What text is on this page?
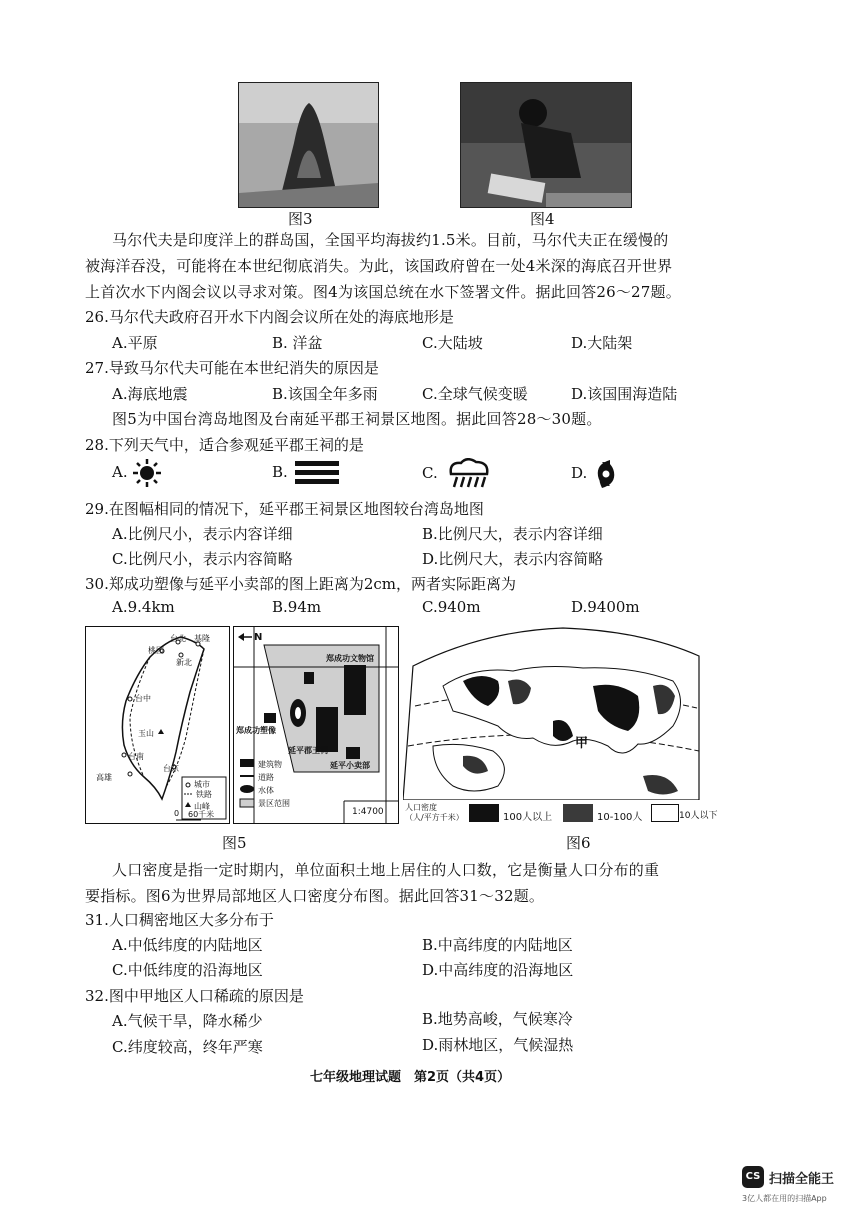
图3	图4
马尔代夫是印度洋上的群岛国，全国平均海拔约1.5米。目前，马尔代夫正在缓慢的
被海洋吞没，可能将在本世纪彻底消失。为此，该国政府曾在一处4米深的海底召开世界
上首次水下内阁会议以寻求对策。图4为该国总统在水下签署文件。据此回答26～27题。
26.马尔代夫政府召开水下内阁会议所在处的海底地形是
A.平原	B. 洋盆	C.大陆坡	D.大陆架
27.导致马尔代夫可能在本世纪消失的原因是
A.海底地震	B.该国全年多雨	C.全球气候变暖	D.该国围海造陆
图5为中国台湾岛地图及台南延平郡王祠景区地图。据此回答28～30题。
28.下列天气中，适合参观延平郡王祠的是
A.	B.	C.	D.
29.在图幅相同的情况下，延平郡王祠景区地图较台湾岛地图
A.比例尺小，表示内容详细	B.比例尺大，表示内容详细
C.比例尺小，表示内容简略	D.比例尺大，表示内容简略
30.郑成功塑像与延平小卖部的图上距离为2cm，两者实际距离为
A.9.4km	B.94m	C.940m	D.9400m
台北 基隆
桃园
新北
台中
玉山
台南
高雄
台东
城市
铁路
山峰
0 60千米
N
郑成功文物馆
郑成功塑像
延平郡王祠
延平小卖部
建筑物
道路
水体
景区范围
1:4700
甲
人口密度
（人/平方千米）	100人以上	10-100人	10人以下
图5	图6
人口密度是指一定时期内，单位面积土地上居住的人口数，它是衡量人口分布的重
要指标。图6为世界局部地区人口密度分布图。据此回答31～32题。
31.人口稠密地区大多分布于
A.中低纬度的内陆地区	B.中高纬度的内陆地区
C.中低纬度的沿海地区	D.中高纬度的沿海地区
32.图中甲地区人口稀疏的原因是
A.气候干旱，降水稀少	B.地势高峻，气候寒冷
C.纬度较高，终年严寒	D.雨林地区，气候湿热
七年级地理试题　第2页（共4页）
CS 扫描全能王
3亿人都在用的扫描App
